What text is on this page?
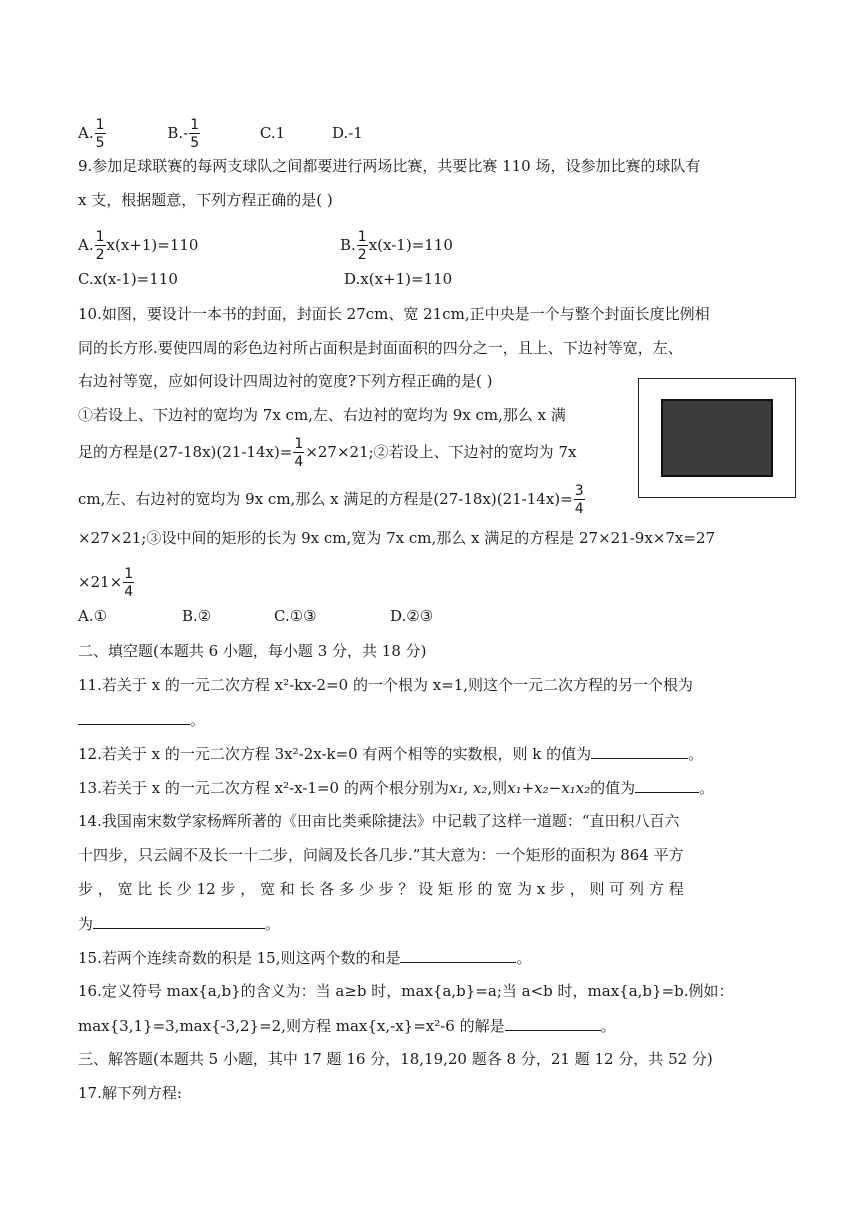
A. $\frac{1}{5}$	$B.- \frac{1}{5}$	C.1	D.-1
9.参加足球联赛的每两支球队之间都要进行两场比赛，共要比赛 110 场，设参加比赛的球队有
x 支，根据题意，下列方程正确的是( )
A. $\frac{1}{2} x(x+1)=110$	B. $\frac{1}{2} x(x-1)=110$
C.x(x-1)=110	D.x(x+1)=110
10.如图，要设计一本书的封面，封面长 27cm、宽 21cm,正中央是一个与整个封面长度比例相
同的长方形.要使四周的彩色边衬所占面积是封面面积的四分之一，且上、下边衬等宽，左、
右边衬等宽，应如何设计四周边衬的宽度?下列方程正确的是( )
①若设上、下边衬的宽均为 7x cm,左、右边衬的宽均为 9x cm,那么 x 满
足的方程是$(27-18x)(21-14x)= \frac{1}{4}$ ×27×21;②若设上、下边衬的宽均为 7x
cm,左、右边衬的宽均为 9x cm,那么 x 满足的方程是$(27-18x)(21-14x)= \frac{3}{4}$
×27×21;③设中间的矩形的长为 9x cm,宽为 7x cm,那么 x 满足的方程是 27×21-9x×7x=27
$\times 21\times \frac{1}{4}$
A.①	B.②	C.①③	D.②③
二、填空题(本题共 6 小题，每小题 3 分，共 18 分)
11.若关于 x 的一元二次方程 x²-kx-2=0 的一个根为 x=1,则这个一元二次方程的另一个根为
。
12.若关于 x 的一元二次方程 3x²-2x-k=0 有两个相等的实数根，则 k 的值为	。
13.若关于 x 的一元二次方程 x²-x-1=0 的两个根分别为x₁, x₂,则x₁+x₂−x₁x₂的值为	。
14.我国南宋数学家杨辉所著的《田亩比类乘除捷法》中记载了这样一道题：“直田积八百六
十四步，只云阔不及长一十二步，问阔及长各几步.”其大意为：一个矩形的面积为 864 平方
步 ， 宽 比 长 少 12 步 ， 宽 和 长 各 多 少 步 ？ 设 矩 形 的 宽 为 x 步 ， 则 可 列 方 程
为	。
15.若两个连续奇数的积是 15,则这两个数的和是	。
16.定义符号 max{a,b}的含义为：当 a≥b 时，max{a,b}=a;当 a<b 时，max{a,b}=b.例如：
max{3,1}=3,max{-3,2}=2,则方程 max{x,-x}=x²-6 的解是	。
三、解答题(本题共 5 小题，其中 17 题 16 分，18,19,20 题各 8 分，21 题 12 分，共 52 分)
17.解下列方程:
